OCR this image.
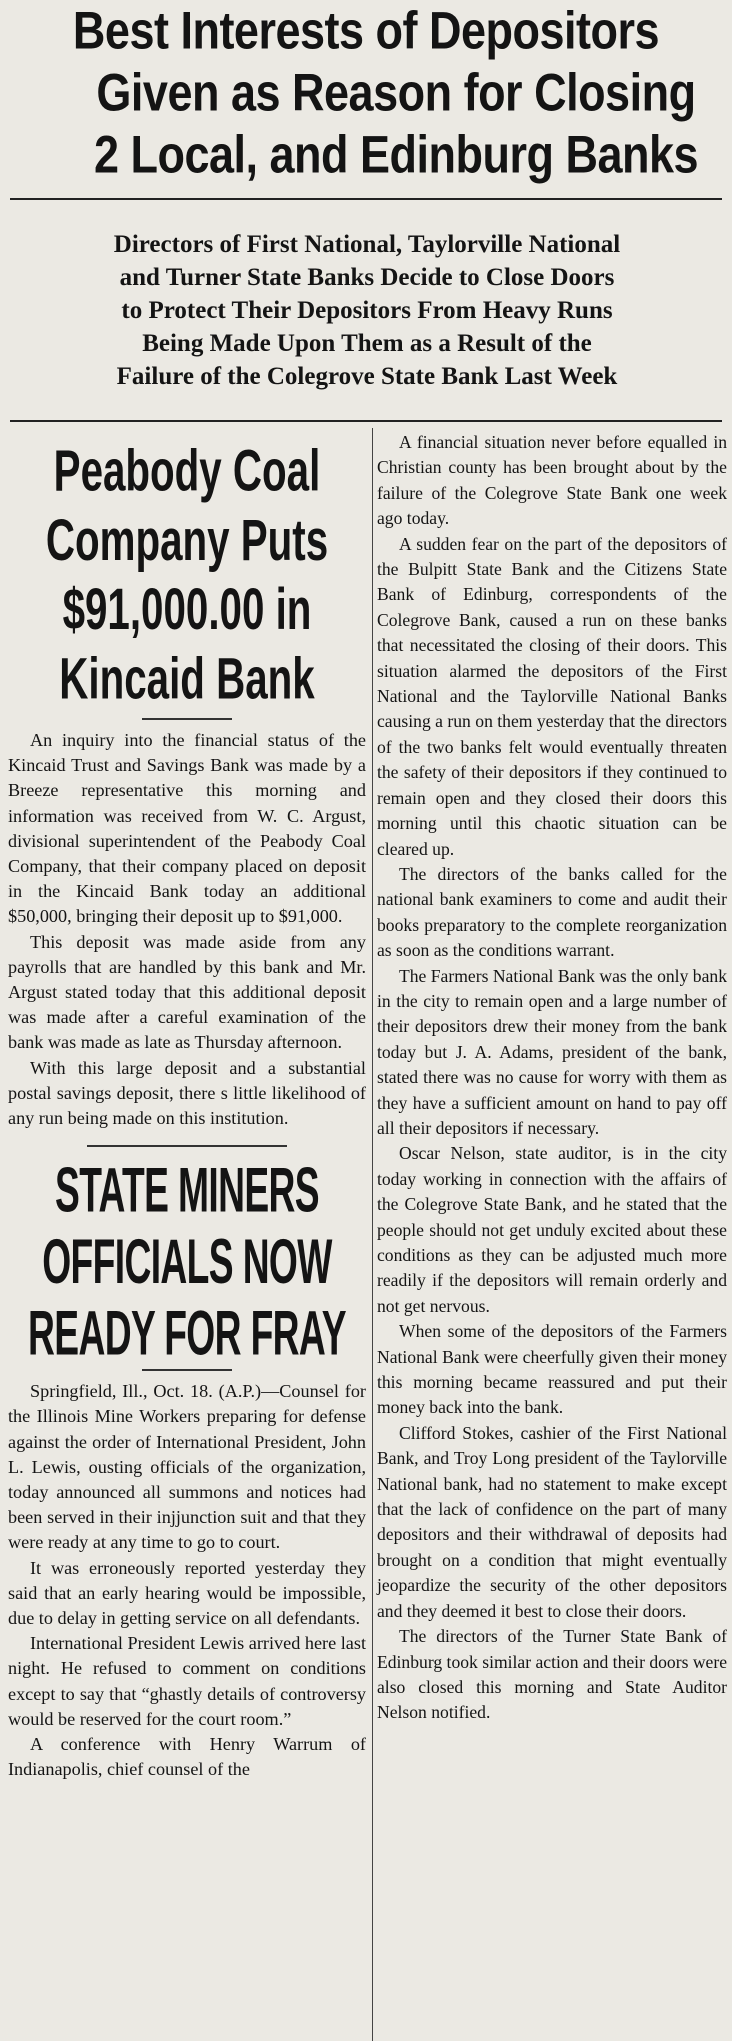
Best Interests of Depositors
Given as Reason for Closing
2 Local, and Edinburg Banks
Directors of First National, Taylorville National
and Turner State Banks Decide to Close Doors
to Protect Their Depositors From Heavy Runs
Being Made Upon Them as a Result of the
Failure of the Colegrove State Bank Last Week
Peabody Coal
Company Puts
$91,000.00 in
Kincaid Bank

An inquiry into the financial status of the Kincaid Trust and Savings Bank was made by a Breeze representative this morning and information was received from W. C. Argust, divisional superintendent of the Peabody Coal Company, that their company placed on deposit in the Kincaid Bank today an additional $50,000, bringing their deposit up to $91,000.

This deposit was made aside from any payrolls that are handled by this bank and Mr. Argust stated today that this additional deposit was made after a careful examination of the bank was made as late as Thursday afternoon.

With this large deposit and a substantial postal savings deposit, there s little likelihood of any run being made on this institution.

STATE MINERS
OFFICIALS NOW
READY FOR FRAY

Springfield, Ill., Oct. 18. (A.P.)—Counsel for the Illinois Mine Workers preparing for defense against the order of International President, John L. Lewis, ousting officials of the organization, today announced all summons and notices had been served in their injjunction suit and that they were ready at any time to go to court.

It was erroneously reported yesterday they said that an early hearing would be impossible, due to delay in getting service on all defendants.

International President Lewis arrived here last night. He refused to comment on conditions except to say that “ghastly details of controversy would be reserved for the court room.”

A conference with Henry Warrum of Indianapolis, chief counsel of the

A financial situation never before equalled in Christian county has been brought about by the failure of the Colegrove State Bank one week ago today.

A sudden fear on the part of the depositors of the Bulpitt State Bank and the Citizens State Bank of Edinburg, correspondents of the Colegrove Bank, caused a run on these banks that necessitated the closing of their doors. This situation alarmed the depositors of the First National and the Taylorville National Banks causing a run on them yesterday that the directors of the two banks felt would eventually threaten the safety of their depositors if they continued to remain open and they closed their doors this morning until this chaotic situation can be cleared up.

The directors of the banks called for the national bank examiners to come and audit their books preparatory to the complete reorganization as soon as the conditions warrant.

The Farmers National Bank was the only bank in the city to remain open and a large number of their depositors drew their money from the bank today but J. A. Adams, president of the bank, stated there was no cause for worry with them as they have a sufficient amount on hand to pay off all their depositors if necessary.

Oscar Nelson, state auditor, is in the city today working in connection with the affairs of the Colegrove State Bank, and he stated that the people should not get unduly excited about these conditions as they can be adjusted much more readily if the depositors will remain orderly and not get nervous.

When some of the depositors of the Farmers National Bank were cheerfully given their money this morning became reassured and put their money back into the bank.

Clifford Stokes, cashier of the First National Bank, and Troy Long president of the Taylorville National bank, had no statement to make except that the lack of confidence on the part of many depositors and their withdrawal of deposits had brought on a condition that might eventually jeopardize the security of the other depositors and they deemed it best to close their doors.

The directors of the Turner State Bank of Edinburg took similar action and their doors were also closed this morning and State Auditor Nelson notified.
